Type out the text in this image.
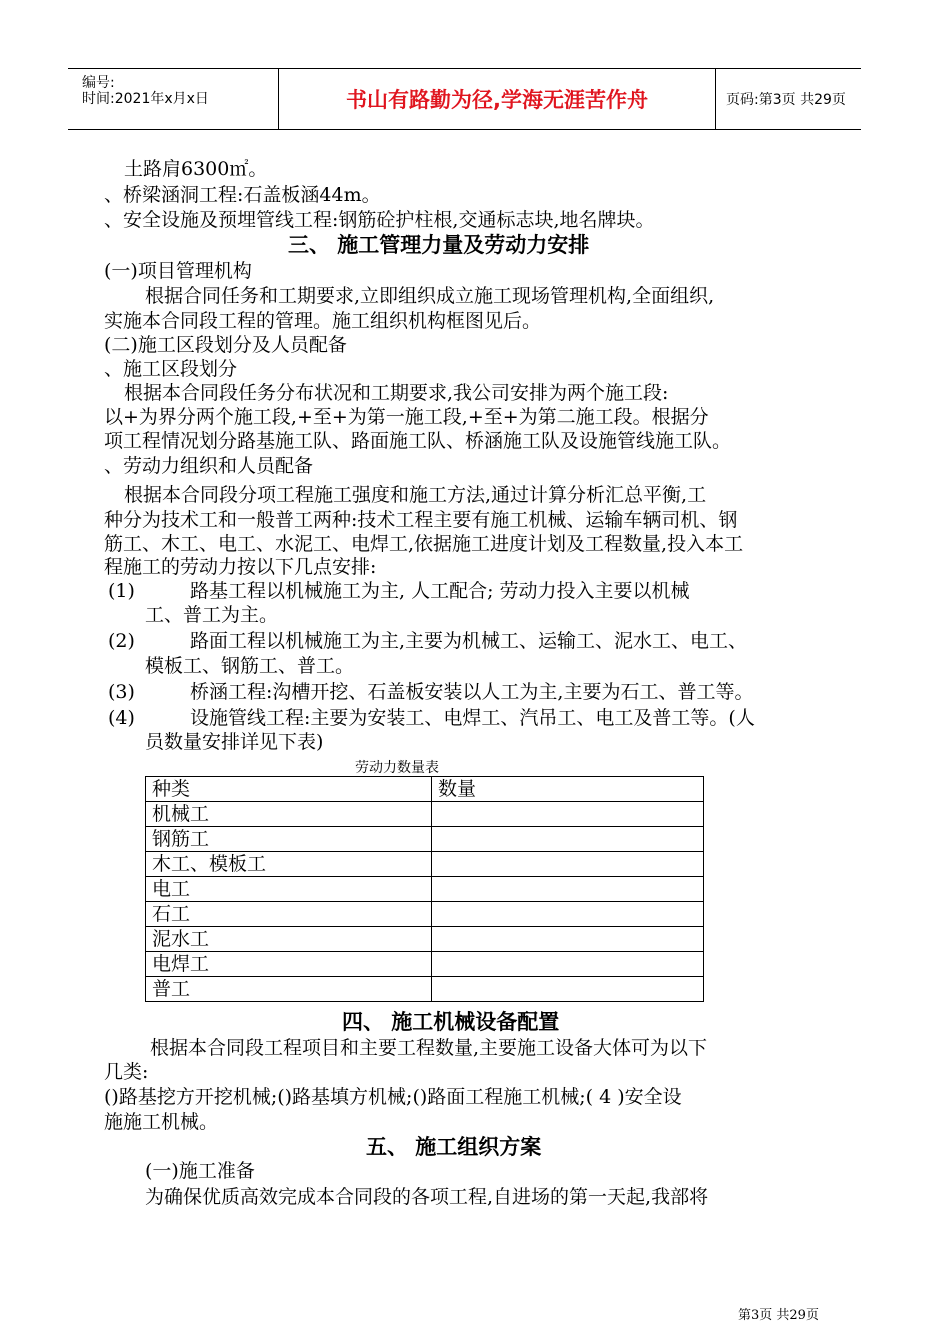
编号:
时间:2021年x月x日	书山有路勤为径,学海无涯苦作舟	页码:第3页 共29页
土路肩6300㎡。
、桥梁涵洞工程:石盖板涵44m。
、安全设施及预埋管线工程:钢筋砼护柱根,交通标志块,地名牌块。
三、 施工管理力量及劳动力安排
(一)项目管理机构
根据合同任务和工期要求,立即组织成立施工现场管理机构,全面组织,
实施本合同段工程的管理。施工组织机构框图见后。
(二)施工区段划分及人员配备
、施工区段划分
根据本合同段任务分布状况和工期要求,我公司安排为两个施工段:
以+为界分两个施工段,+至+为第一施工段,+至+为第二施工段。根据分
项工程情况划分路基施工队、路面施工队、桥涵施工队及设施管线施工队。
、劳动力组织和人员配备
根据本合同段分项工程施工强度和施工方法,通过计算分析汇总平衡,工
种分为技术工和一般普工两种:技术工程主要有施工机械、运输车辆司机、钢
筋工、木工、电工、水泥工、电焊工,依据施工进度计划及工程数量,投入本工
程施工的劳动力按以下几点安排:
(1)	路基工程以机械施工为主, 人工配合; 劳动力投入主要以机械
工、普工为主。
(2)	路面工程以机械施工为主,主要为机械工、运输工、泥水工、电工、
模板工、钢筋工、普工。
(3)	桥涵工程:沟槽开挖、石盖板安装以人工为主,主要为石工、普工等。
(4)	设施管线工程:主要为安装工、电焊工、汽吊工、电工及普工等。(人
员数量安排详见下表)
劳动力数量表
种类	数量
机械工	
钢筋工	
木工、模板工	
电工	
石工	
泥水工	
电焊工	
普工	
四、 施工机械设备配置
根据本合同段工程项目和主要工程数量,主要施工设备大体可为以下
几类:
()路基挖方开挖机械;()路基填方机械;()路面工程施工机械;( 4 )安全设
施施工机械。
五、 施工组织方案
(一)施工准备
为确保优质高效完成本合同段的各项工程,自进场的第一天起,我部将
第3页 共29页
